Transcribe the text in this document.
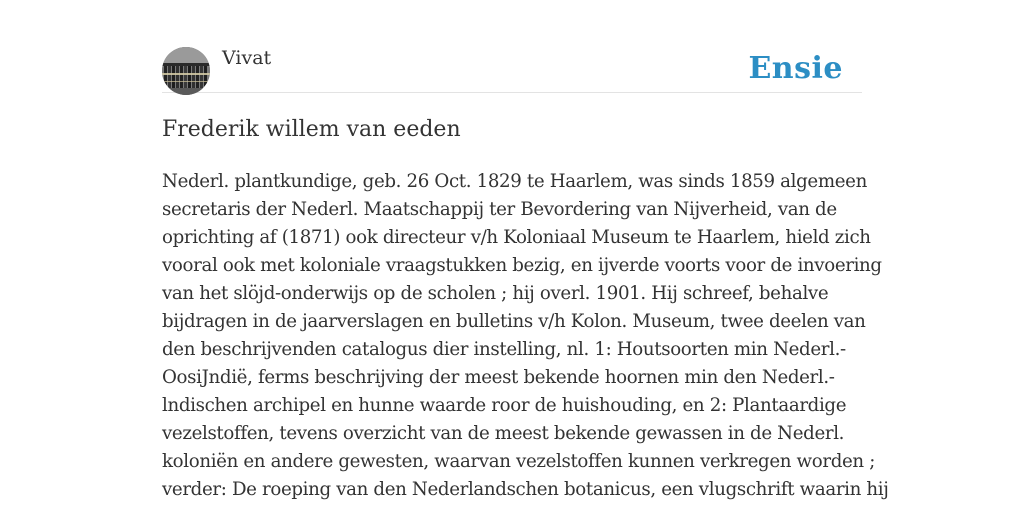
Vivat	Ensie
Frederik willem van eeden
Nederl. plantkundige, geb. 26 Oct. 1829 te Haarlem, was sinds 1859 algemeen
secretaris der Nederl. Maatschappij ter Bevordering van Nijverheid, van de
oprichting af (1871) ook directeur v/h Koloniaal Museum te Haarlem, hield zich
vooral ook met koloniale vraagstukken bezig, en ijverde voorts voor de invoering
van het slöjd-onderwijs op de scholen ; hij overl. 1901. Hij schreef, behalve
bijdragen in de jaarverslagen en bulletins v/h Kolon. Museum, twee deelen van
den beschrijvenden catalogus dier instelling, nl. 1: Houtsoorten min Nederl.-
OosiJndië, ferms beschrijving der meest bekende hoornen min den Nederl.-
lndischen archipel en hunne waarde roor de huishouding, en 2: Plantaardige
vezelstoffen, tevens overzicht van de meest bekende gewassen in de Nederl.
koloniën en andere gewesten, waarvan vezelstoffen kunnen verkregen worden ;
verder: De roeping van den Nederlandschen botanicus, een vlugschrift waarin hij
